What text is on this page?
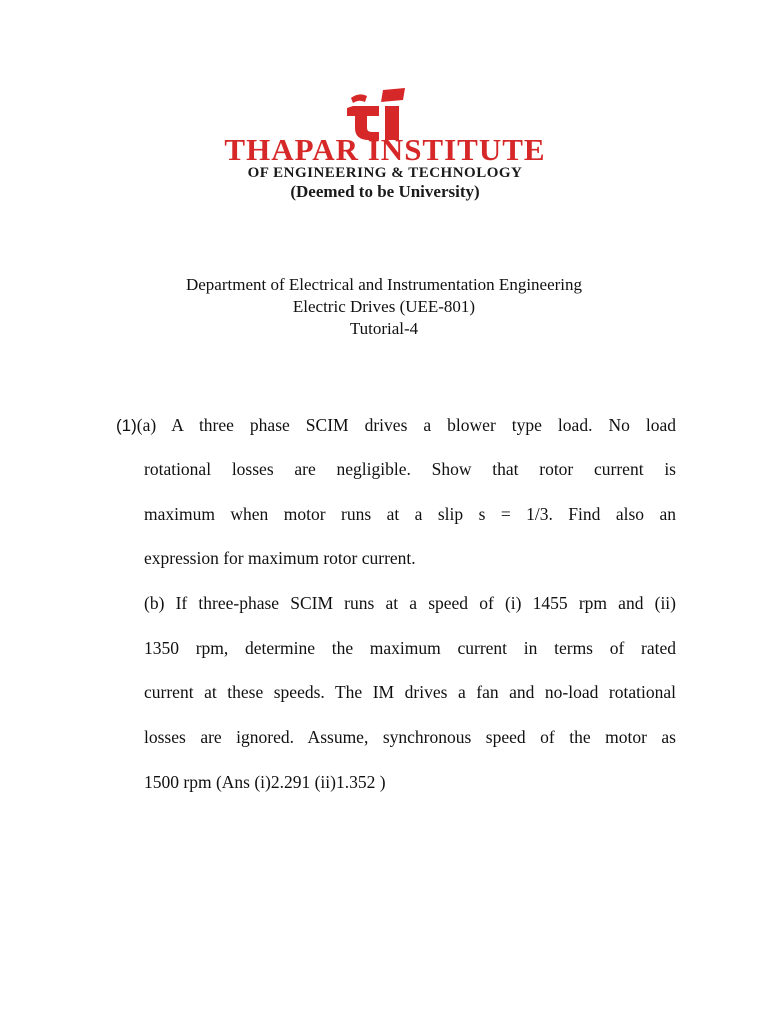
THAPAR INSTITUTE
OF ENGINEERING & TECHNOLOGY
(Deemed to be University)
Department of Electrical and Instrumentation Engineering
Electric Drives (UEE-801)
Tutorial-4
(1)(a) A three phase SCIM drives a blower type load. No load
rotational losses are negligible. Show that rotor current is
maximum when motor runs at a slip s = 1/3. Find also an
expression for maximum rotor current.
(b) If three-phase SCIM runs at a speed of (i) 1455 rpm and (ii)
1350 rpm, determine the maximum current in terms of rated
current at these speeds. The IM drives a fan and no-load rotational
losses are ignored. Assume, synchronous speed of the motor as
1500 rpm (Ans (i)2.291 (ii)1.352 )
